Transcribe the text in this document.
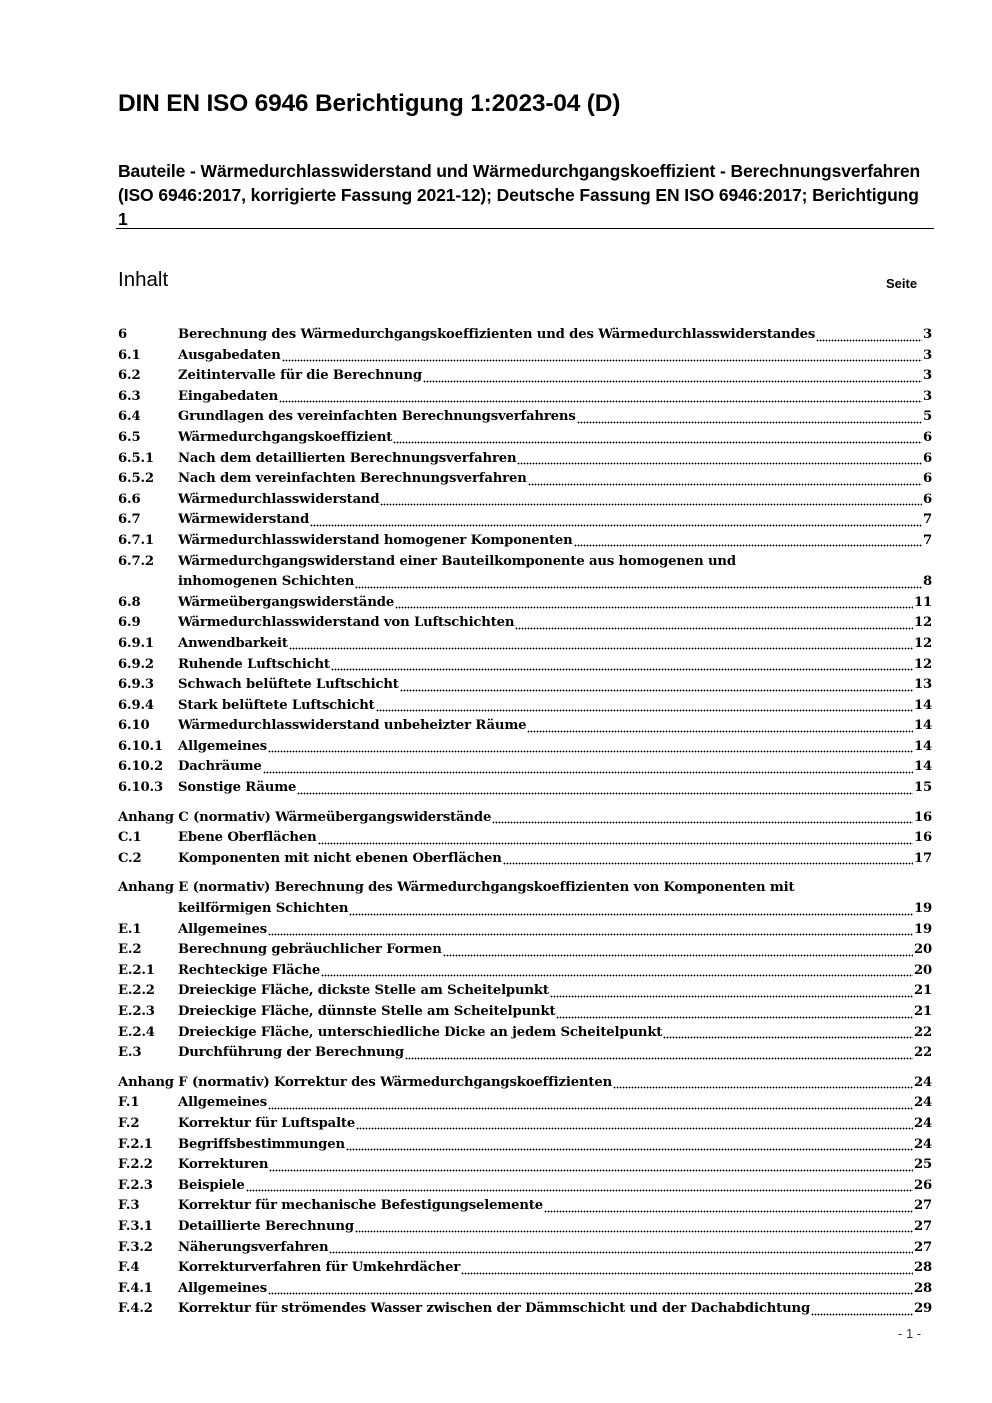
DIN EN ISO 6946 Berichtigung 1:2023-04 (D)
Bauteile - Wärmedurchlasswiderstand und Wärmedurchgangskoeffizient - Berechnungsverfahren (ISO 6946:2017, korrigierte Fassung 2021-12); Deutsche Fassung EN ISO 6946:2017; Berichtigung 1
Inhalt	Seite
6	Berechnung des Wärmedurchgangskoeffizienten und des Wärmedurchlasswiderstandes	3
6.1	Ausgabedaten	3
6.2	Zeitintervalle für die Berechnung	3
6.3	Eingabedaten	3
6.4	Grundlagen des vereinfachten Berechnungsverfahrens	5
6.5	Wärmedurchgangskoeffizient	6
6.5.1 Nach dem detaillierten Berechnungsverfahren	6
6.5.2 Nach dem vereinfachten Berechnungsverfahren	6
6.6	Wärmedurchlasswiderstand	6
6.7	Wärmewiderstand	7
6.7.1 Wärmedurchlasswiderstand homogener Komponenten	7
6.7.2 Wärmedurchgangswiderstand einer Bauteilkomponente aus homogenen und
inhomogenen Schichten	8
6.8	Wärmeübergangswiderstände	11
6.9	Wärmedurchlasswiderstand von Luftschichten	12
6.9.1 Anwendbarkeit	12
6.9.2 Ruhende Luftschicht	12
6.9.3 Schwach belüftete Luftschicht	13
6.9.4 Stark belüftete Luftschicht	14
6.10 Wärmedurchlasswiderstand unbeheizter Räume	14
6.10.1 Allgemeines	14
6.10.2 Dachräume	14
6.10.3 Sonstige Räume	15
Anhang C (normativ) Wärmeübergangswiderstände	16
C.1	Ebene Oberflächen	16
C.2	Komponenten mit nicht ebenen Oberflächen	17
Anhang E (normativ) Berechnung des Wärmedurchgangskoeffizienten von Komponenten mit
keilförmigen Schichten	19
E.1	Allgemeines	19
E.2	Berechnung gebräuchlicher Formen	20
E.2.1 Rechteckige Fläche	20
E.2.2 Dreieckige Fläche, dickste Stelle am Scheitelpunkt	21
E.2.3 Dreieckige Fläche, dünnste Stelle am Scheitelpunkt	21
E.2.4 Dreieckige Fläche, unterschiedliche Dicke an jedem Scheitelpunkt	22
E.3	Durchführung der Berechnung	22
Anhang F (normativ) Korrektur des Wärmedurchgangskoeffizienten	24
F.1	Allgemeines	24
F.2	Korrektur für Luftspalte	24
F.2.1 Begriffsbestimmungen	24
F.2.2 Korrekturen	25
F.2.3 Beispiele	26
F.3	Korrektur für mechanische Befestigungselemente	27
F.3.1 Detaillierte Berechnung	27
F.3.2 Näherungsverfahren	27
F.4	Korrekturverfahren für Umkehrdächer	28
F.4.1 Allgemeines	28
F.4.2 Korrektur für strömendes Wasser zwischen der Dämmschicht und der Dachabdichtung	29
- 1 -
